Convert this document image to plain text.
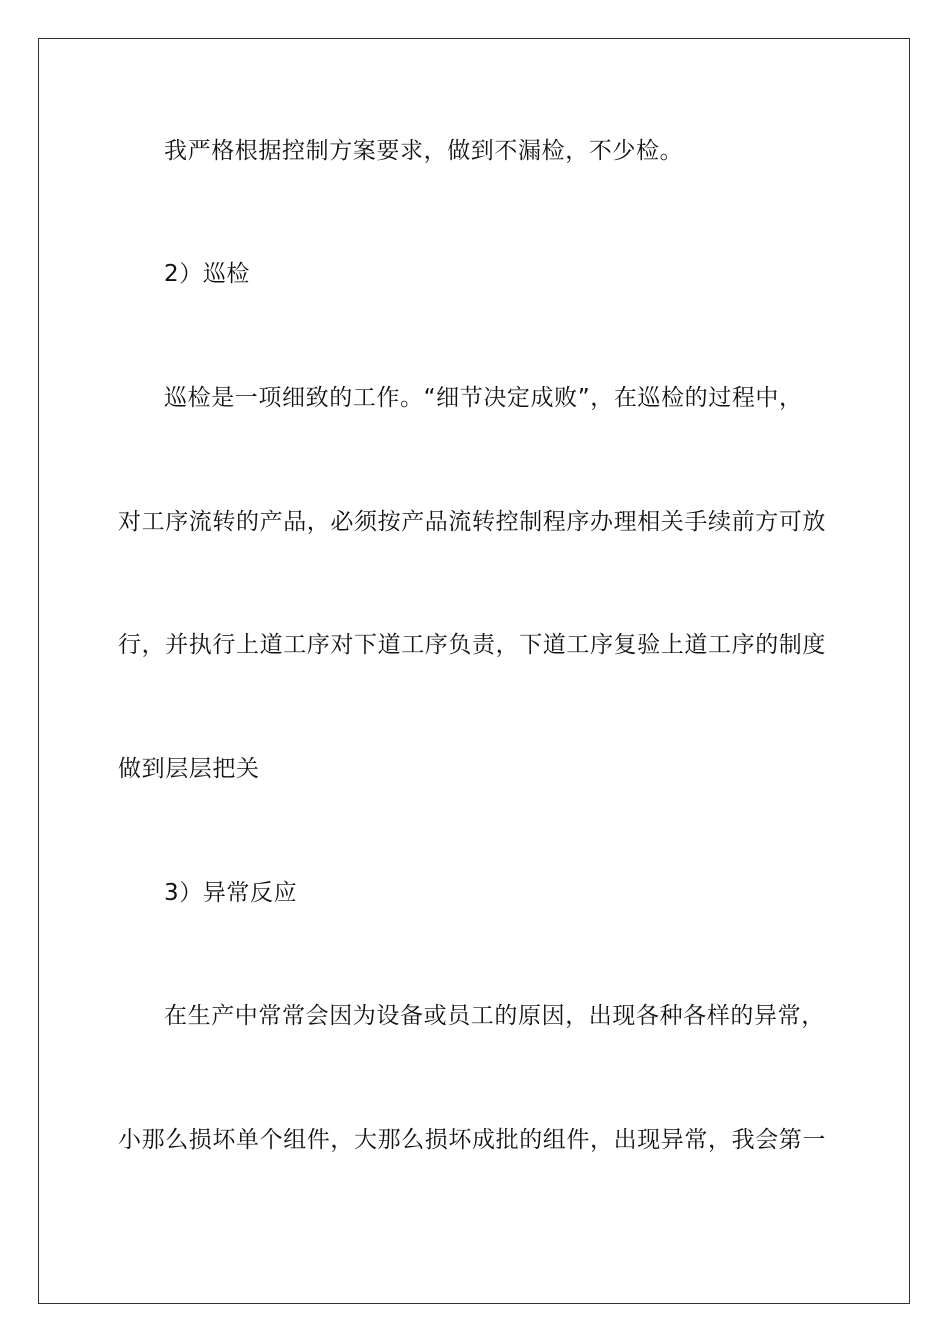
我严格根据控制方案要求，做到不漏检，不少检。
2）巡检
巡检是一项细致的工作。“细节决定成败”，在巡检的过程中，
对工序流转的产品，必须按产品流转控制程序办理相关手续前方可放
行，并执行上道工序对下道工序负责，下道工序复验上道工序的制度
做到层层把关
3）异常反应
在生产中常常会因为设备或员工的原因，出现各种各样的异常，
小那么损坏单个组件，大那么损坏成批的组件，出现异常，我会第一
